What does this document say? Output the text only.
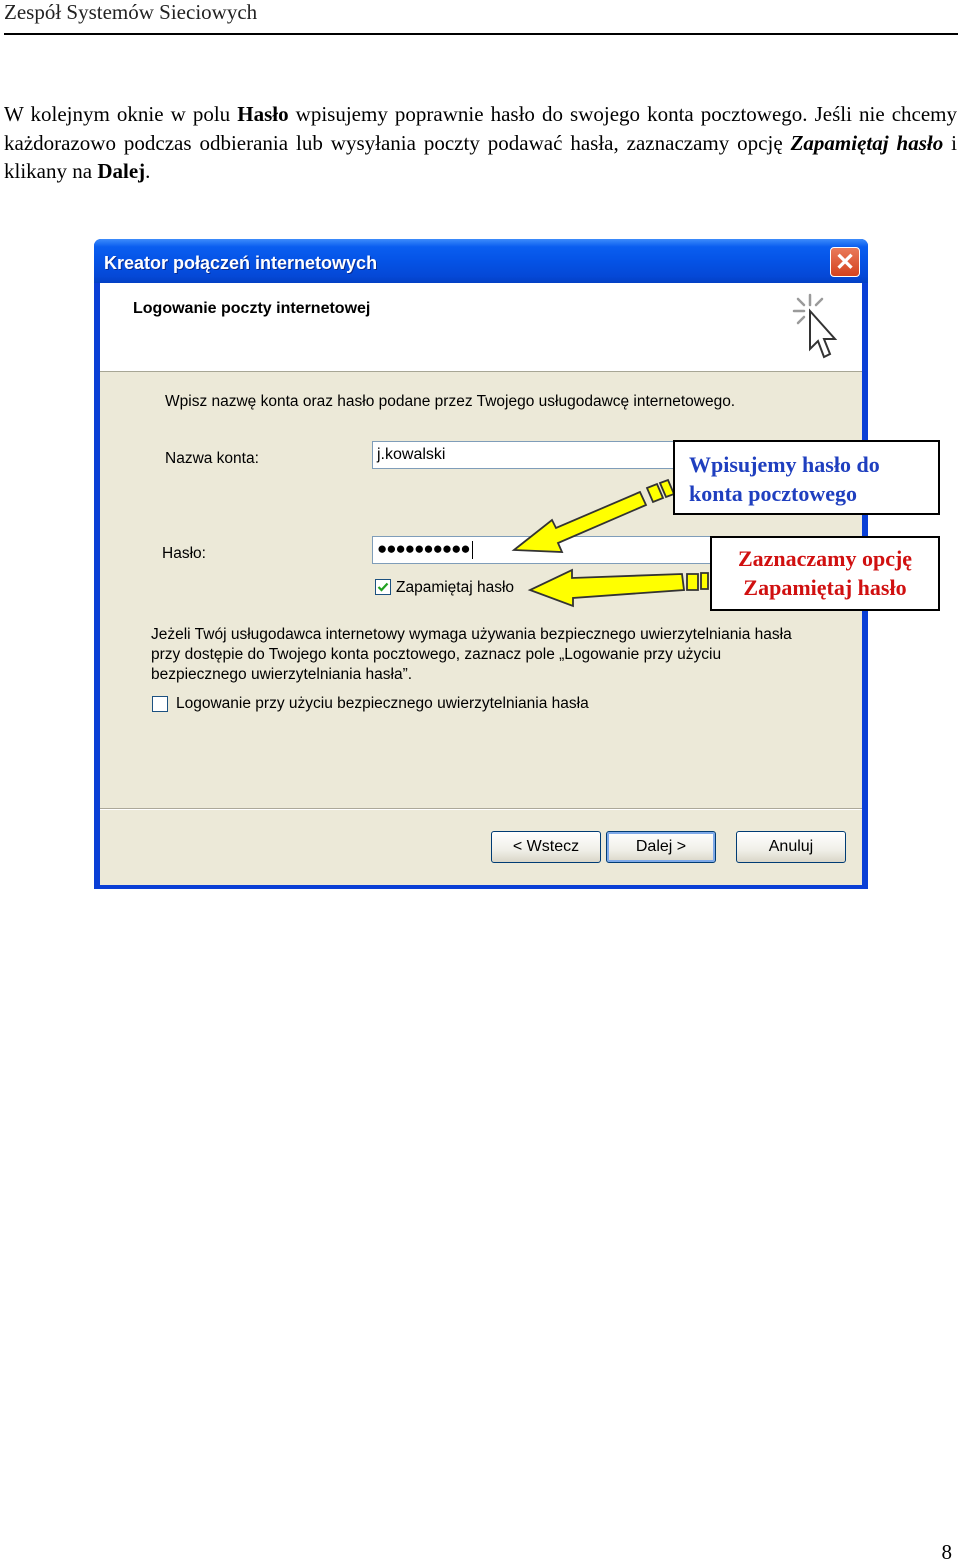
Zespół Systemów Sieciowych
W kolejnym oknie w polu Hasło wpisujemy poprawnie hasło do swojego konta pocztowego. Jeśli nie chcemy każdorazowo podczas odbierania lub wysyłania poczty podawać hasła, zaznaczamy opcję Zapamiętaj hasło i klikany na Dalej.
Kreator połączeń internetowych	✕
Logowanie poczty internetowej
Wpisz nazwę konta oraz hasło podane przez Twojego usługodawcę internetowego.
Nazwa konta:	j.kowalski
Hasło:	●●●●●●●●●●
Zapamiętaj hasło
Jeżeli Twój usługodawca internetowy wymaga używania bezpiecznego uwierzytelniania hasła przy dostępie do Twojego konta pocztowego, zaznacz pole „Logowanie przy użyciu bezpiecznego uwierzytelniania hasła”.
Logowanie przy użyciu bezpiecznego uwierzytelniania hasła
< Wstecz	Dalej >	Anuluj
Wpisujemy hasło do konta pocztowego
Zaznaczamy opcję
Zapamiętaj hasło
8
